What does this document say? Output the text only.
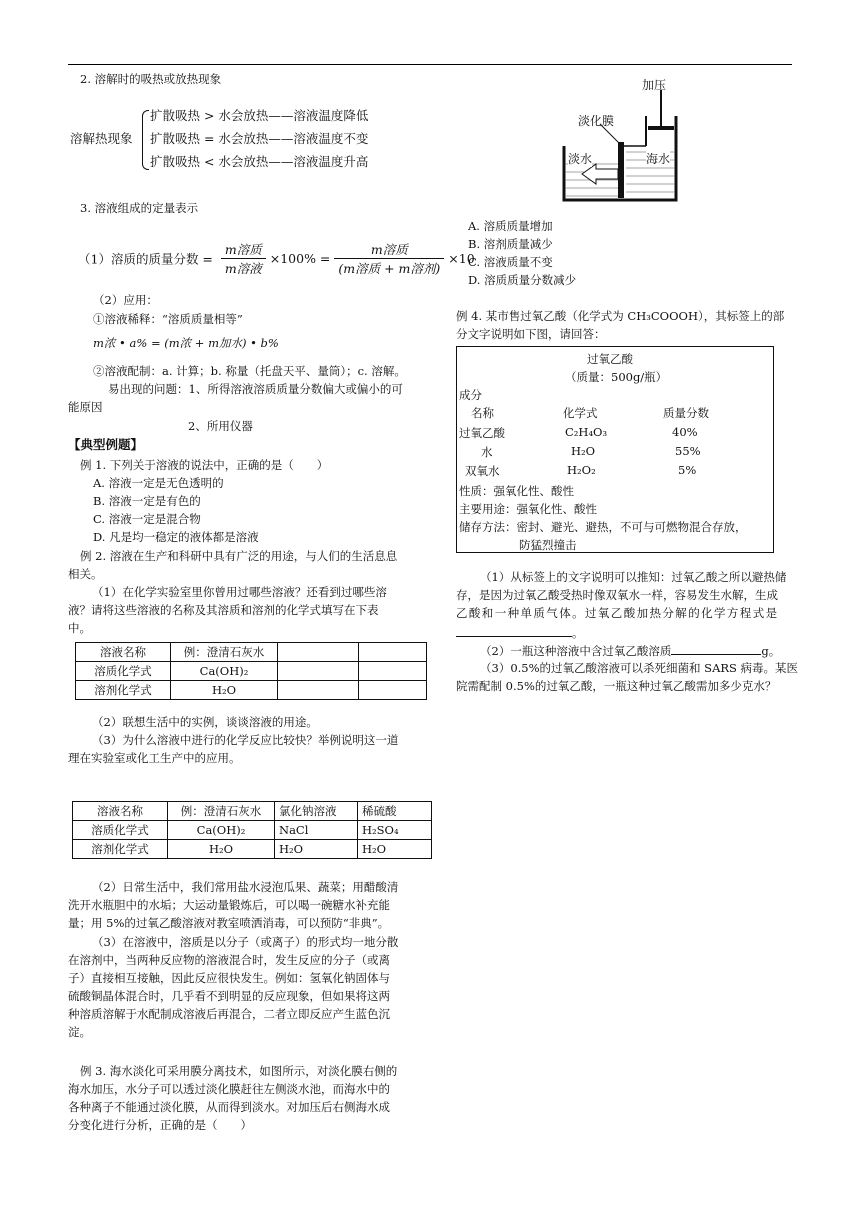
2. 溶解时的吸热或放热现象
溶解热现象
扩散吸热 > 水会放热——溶液温度降低
扩散吸热 = 水会放热——溶液温度不变
扩散吸热 < 水会放热——溶液温度升高
3. 溶液组成的定量表示
（1）溶质的质量分数 = $\frac{\text{m溶质}}{\text{m溶液}} \times 100\% = \frac{\text{m溶质}}{\text{(m溶质 + m溶剂)}} \times 10$
（2）应用：
①溶液稀释：“溶质质量相等”
m浓 • a% = (m浓 + m加水) • b%
②溶液配制：a. 计算；b. 称量（托盘天平、量筒）；c. 溶解。
易出现的问题：1、所得溶液溶质质量分数偏大或偏小的可
能原因
2、所用仪器
【典型例题】
例 1. 下列关于溶液的说法中，正确的是（　　）
A. 溶液一定是无色透明的
B. 溶液一定是有色的
C. 溶液一定是混合物
D. 凡是均一稳定的液体都是溶液
例 2. 溶液在生产和科研中具有广泛的用途，与人们的生活息息
相关。
（1）在化学实验室里你曾用过哪些溶液？还看到过哪些溶
液？请将这些溶液的名称及其溶质和溶剂的化学式填写在下表
中。
溶液名称	例：澄清石灰水		
溶质化学式	Ca(OH)₂		
溶剂化学式	H₂O		
（2）联想生活中的实例，谈谈溶液的用途。
（3）为什么溶液中进行的化学反应比较快？举例说明这一道
理在实验室或化工生产中的应用。
溶液名称	例：澄清石灰水	氯化钠溶液	稀硫酸
溶质化学式	Ca(OH)₂	NaCl	H₂SO₄
溶剂化学式	H₂O	H₂O	H₂O
（2）日常生活中，我们常用盐水浸泡瓜果、蔬菜；用醋酸清
洗开水瓶胆中的水垢；大运动量锻炼后，可以喝一碗糖水补充能
量；用 5%的过氧乙酸溶液对教室喷洒消毒，可以预防“非典”。
（3）在溶液中，溶质是以分子（或离子）的形式均一地分散
在溶剂中，当两种反应物的溶液混合时，发生反应的分子（或离
子）直接相互接触，因此反应很快发生。例如：氢氧化钠固体与
硫酸铜晶体混合时，几乎看不到明显的反应现象，但如果将这两
种溶质溶解于水配制成溶液后再混合，二者立即反应产生蓝色沉
淀。
例 3. 海水淡化可采用膜分离技术，如图所示，对淡化膜右侧的
海水加压，水分子可以透过淡化膜赶往左侧淡水池，而海水中的
各种离子不能通过淡化膜，从而得到淡水。对加压后右侧海水成
分变化进行分析，正确的是（　　）
加压
淡化膜
淡水	海水
A. 溶质质量增加
B. 溶剂质量减少
C. 溶液质量不变
D. 溶质质量分数减少
例 4. 某市售过氧乙酸（化学式为 CH₃COOOH），其标签上的部
分文字说明如下图，请回答：
过氧乙酸
（质量：500g/瓶）
成分
名称	化学式	质量分数
过氧乙酸	C₂H₄O₃	40%
水	H₂O	55%
双氧水	H₂O₂	5%
性质：强氧化性、酸性
主要用途：强氧化性、酸性
储存方法：密封、避光、避热，不可与可燃物混合存放，
防猛烈撞击
（1）从标签上的文字说明可以推知：过氧乙酸之所以避热储
存，是因为过氧乙酸受热时像双氧水一样，容易发生水解，生成
乙酸和一种单质气体。过氧乙酸加热分解的化学方程式是
。
（2）一瓶这种溶液中含过氧乙酸溶质	g。
（3）0.5%的过氧乙酸溶液可以杀死细菌和 SARS 病毒。某医
院需配制 0.5%的过氧乙酸，一瓶这种过氧乙酸需加多少克水？
